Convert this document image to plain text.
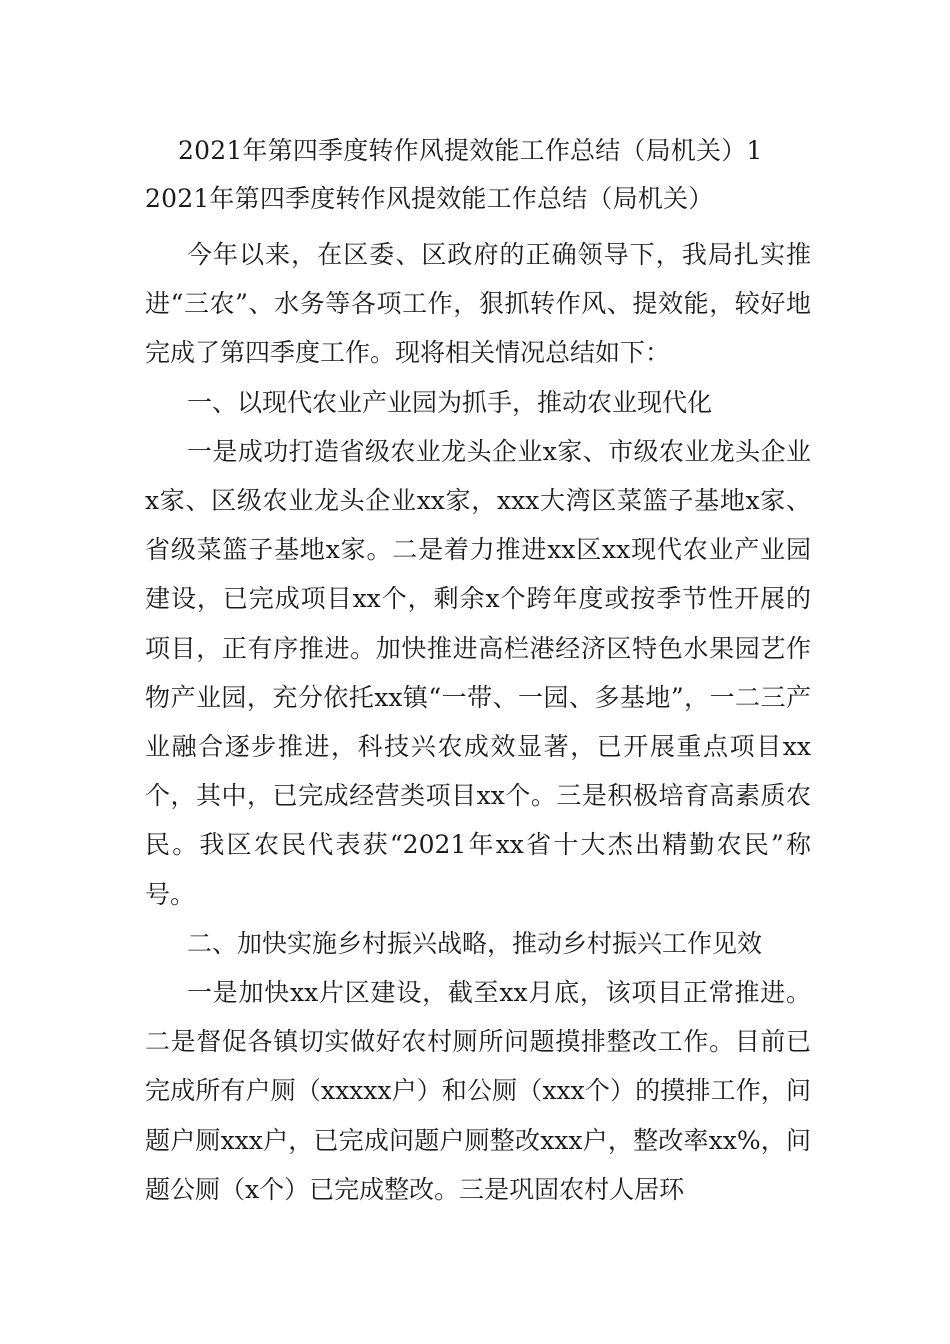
2021年第四季度转作风提效能工作总结（局机关）1
2021年第四季度转作风提效能工作总结（局机关）

今年以来，在区委、区政府的正确领导下，我局扎实推进“三农”、水务等各项工作，狠抓转作风、提效能，较好地完成了第四季度工作。现将相关情况总结如下：

一、以现代农业产业园为抓手，推动农业现代化

一是成功打造省级农业龙头企业x家、市级农业龙头企业x家、区级农业龙头企业xx家，xxx大湾区菜篮子基地x家、省级菜篮子基地x家。二是着力推进xx区xx现代农业产业园建设，已完成项目xx个，剩余x个跨年度或按季节性开展的项目，正有序推进。加快推进高栏港经济区特色水果园艺作物产业园，充分依托xx镇“一带、一园、多基地”，一二三产业融合逐步推进，科技兴农成效显著，已开展重点项目xx个，其中，已完成经营类项目xx个。三是积极培育高素质农民。我区农民代表获“2021年xx省十大杰出精勤农民”称号。

二、加快实施乡村振兴战略，推动乡村振兴工作见效

一是加快xx片区建设，截至xx月底，该项目正常推进。二是督促各镇切实做好农村厕所问题摸排整改工作。目前已完成所有户厕（xxxxx户）和公厕（xxx个）的摸排工作，问题户厕xxx户，已完成问题户厕整改xxx户，整改率xx%，问题公厕（x个）已完成整改。三是巩固农村人居环
